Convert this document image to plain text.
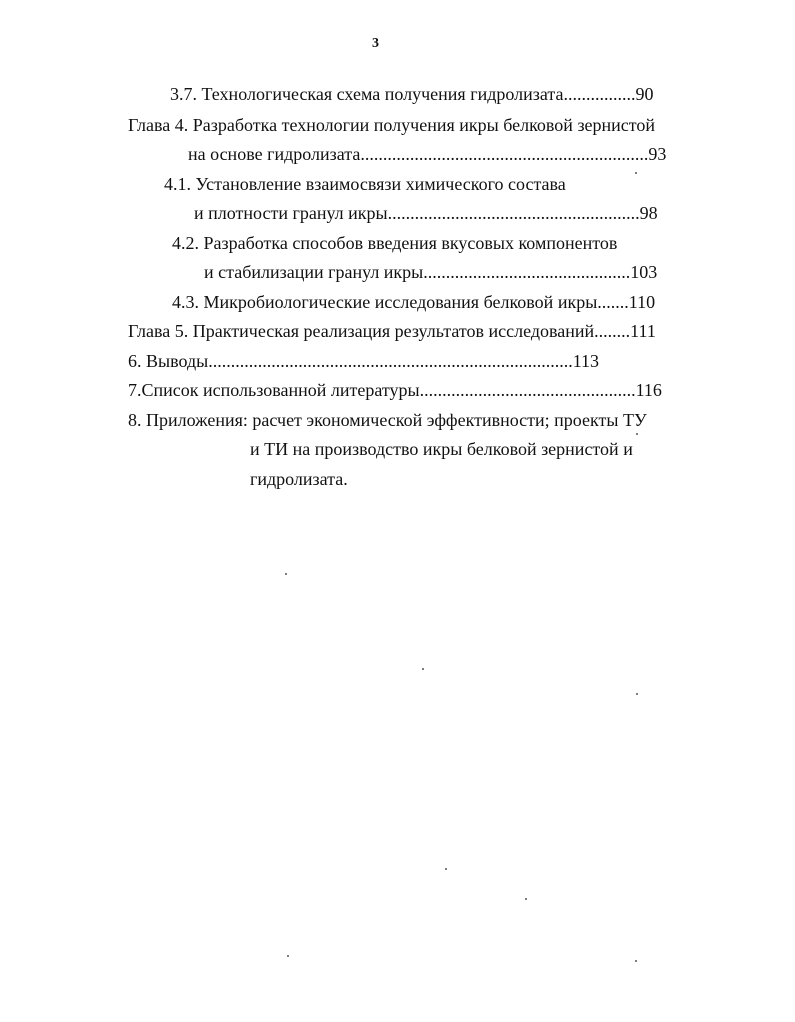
3
3.7. Технологическая схема получения гидролизата................90
Глава 4. Разработка технологии получения икры белковой зернистой
на основе гидролизата................................................................93
4.1. Установление взаимосвязи химического состава
и плотности гранул икры........................................................98
4.2. Разработка способов введения вкусовых компонентов
и стабилизации гранул икры..............................................103
4.3. Микробиологические исследования белковой икры.......110
Глава 5. Практическая реализация результатов исследований........111
6. Выводы.................................................................................113
7.Список использованной литературы................................................116
8. Приложения: расчет экономической эффективности; проекты ТУ
и ТИ на производство икры белковой зернистой и
гидролизата.
